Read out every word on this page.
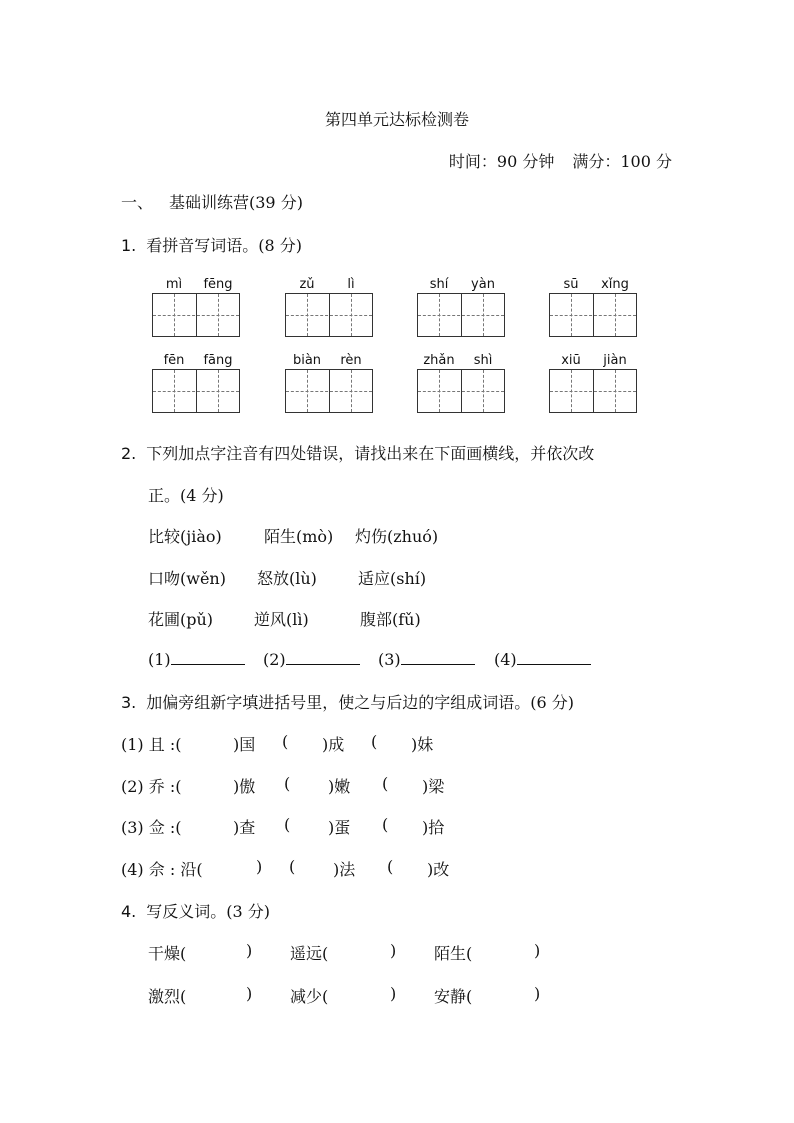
第四单元达标检测卷
时间：90 分钟 满分：100 分
一、 基础训练营(39 分)
1. 看拼音写词语。(8 分)
mì	fēng	zǔ	lì	shí	yàn	sū	xǐng
fēn	fāng	biàn	rèn	zhǎn	shì	xiū	jiàn
2. 下列加点字注音有四处错误，请找出来在下面画横线，并依次改
正。(4 分)
比较(jiào)	陌生(mò) 灼伤(zhuó)
口吻(wěn) 怒放(lù)	适应(shí)
花圃(pǔ)	逆风(lì)	腹部(fǔ)
(1)	(2)	(3)	(4)
3. 加偏旁组新字填进括号里，使之与后边的字组成词语。(6 分)
(1) 且 :(	)国 ( )成 ( )妹
(2) 乔 :(	)傲 ( )嫩 ( )梁
(3) 佥 :(	)查 ( )蛋 ( )拾
(4) 佘 : 沿(	) ( )法 ( )改
4. 写反义词。(3 分)
干燥(	) 遥远(	) 陌生(	)
激烈(	) 减少(	) 安静(	)
